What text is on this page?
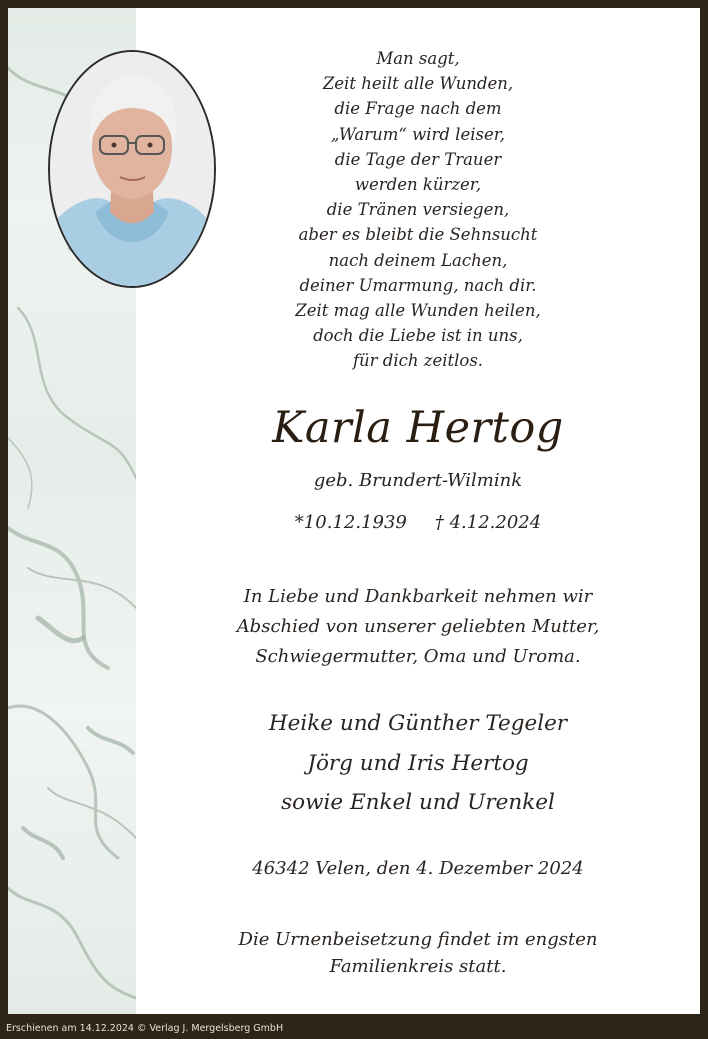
Man sagt,
Zeit heilt alle Wunden,
die Frage nach dem
„Warum“ wird leiser,
die Tage der Trauer
werden kürzer,
die Tränen versiegen,
aber es bleibt die Sehnsucht
nach deinem Lachen,
deiner Umarmung, nach dir.
Zeit mag alle Wunden heilen,
doch die Liebe ist in uns,
für dich zeitlos.
Karla Hertog
geb. Brundert-Wilmink
*10.12.1939 † 4.12.2024
In Liebe und Dankbarkeit nehmen wir
Abschied von unserer geliebten Mutter,
Schwiegermutter, Oma und Uroma.
Heike und Günther Tegeler
Jörg und Iris Hertog
sowie Enkel und Urenkel
46342 Velen, den 4. Dezember 2024
Die Urnenbeisetzung findet im engsten
Familienkreis statt.
Erschienen am 14.12.2024 © Verlag J. Mergelsberg GmbH
